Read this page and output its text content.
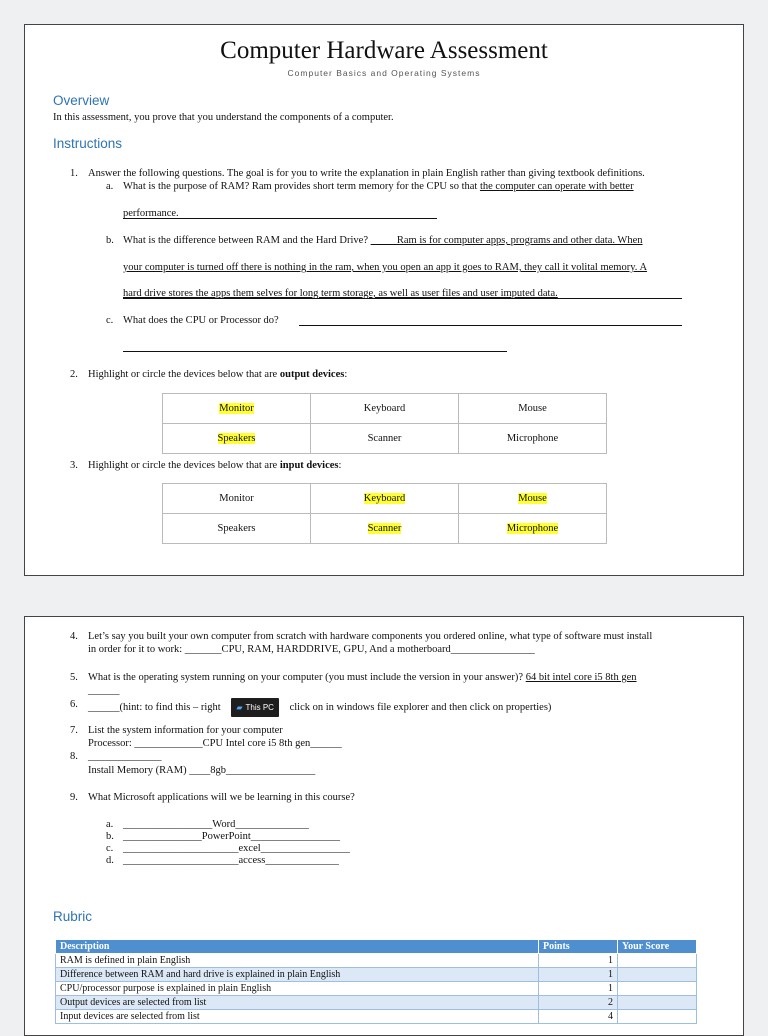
Computer Hardware Assessment
Computer Basics and Operating Systems
Overview
In this assessment, you prove that you understand the components of a computer.
Instructions
1. Answer the following questions. The goal is for you to write the explanation in plain English rather than giving textbook definitions.
a. What is the purpose of RAM? Ram provides short term memory for the CPU so that the computer can operate with better
performance.
b. What is the difference between RAM and the Hard Drive?           Ram is for computer apps, programs and other data. When
your computer is turned off there is nothing in the ram, when you open an app it goes to RAM, they call it volital memory. A
hard drive stores the apps them selves for long term storage, as well as user files and user imputed data.
c. What does the CPU or Processor do?
2. Highlight or circle the devices below that are output devices:
Monitor	Keyboard	Mouse
Speakers	Scanner	Microphone
3. Highlight or circle the devices below that are input devices:
Monitor	Keyboard	Mouse
Speakers	Scanner	Microphone
4. Let’s say you built your own computer from scratch with hardware components you ordered online, what type of software must install
in order for it to work: _______CPU, RAM, HARDDRIVE, GPU, And a motherboard________________
5. What is the operating system running on your computer (you must include the version in your answer)? 64 bit intel core i5 8th gen
______
6. ______(hint: to find this – right ▰ This PC click on in windows file explorer and then click on properties)
7. List the system information for your computer
Processor: _____________CPU Intel core i5 8th gen______
8. ______________
Install Memory (RAM) ____8gb_________________
9. What Microsoft applications will we be learning in this course?
a. _________________Word______________
b. _______________PowerPoint_________________
c. ______________________excel_________________
d. ______________________access______________
Rubric
Description	Points	Your Score
RAM is defined in plain English	1	
Difference between RAM and hard drive is explained in plain English	1	
CPU/processor purpose is explained in plain English	1	
Output devices are selected from list	2	
Input devices are selected from list	4	
